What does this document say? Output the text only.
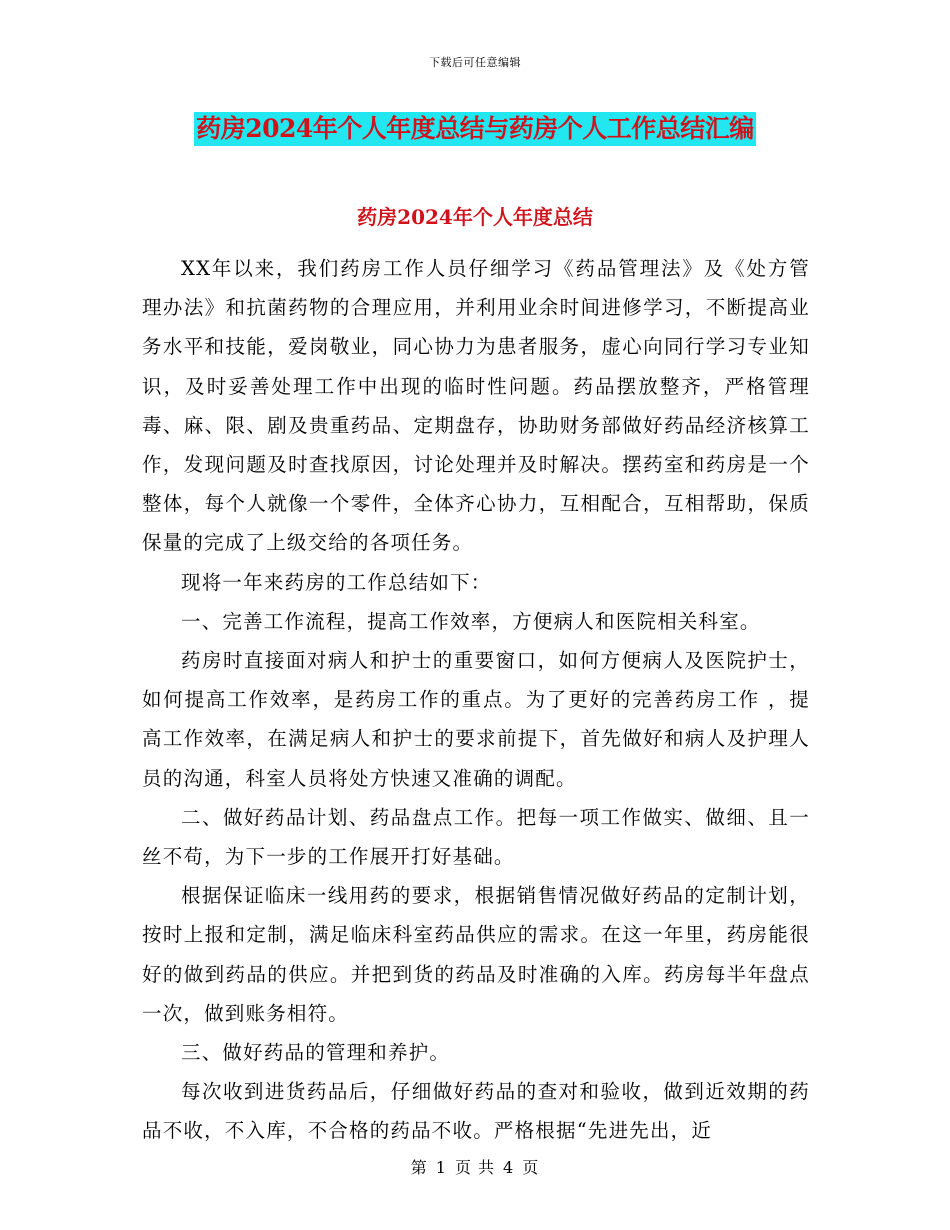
下载后可任意编辑
药房2024年个人年度总结与药房个人工作总结汇编
药房2024年个人年度总结

XX年以来，我们药房工作人员仔细学习《药品管理法》及《处方管理办法》和抗菌药物的合理应用，并利用业余时间进修学习，不断提高业务水平和技能，爱岗敬业，同心协力为患者服务，虚心向同行学习专业知识，及时妥善处理工作中出现的临时性问题。药品摆放整齐，严格管理毒、麻、限、剧及贵重药品、定期盘存，协助财务部做好药品经济核算工作，发现问题及时查找原因，讨论处理并及时解决。摆药室和药房是一个整体，每个人就像一个零件，全体齐心协力，互相配合，互相帮助，保质保量的完成了上级交给的各项任务。

现将一年来药房的工作总结如下：

一、完善工作流程，提高工作效率，方便病人和医院相关科室。

药房时直接面对病人和护士的重要窗口，如何方便病人及医院护士，如何提高工作效率，是药房工作的重点。为了更好的完善药房工作 ，提高工作效率，在满足病人和护士的要求前提下，首先做好和病人及护理人员的沟通，科室人员将处方快速又准确的调配。

二、做好药品计划、药品盘点工作。把每一项工作做实、做细、且一丝不苟，为下一步的工作展开打好基础。

根据保证临床一线用药的要求，根据销售情况做好药品的定制计划，按时上报和定制，满足临床科室药品供应的需求。在这一年里，药房能很好的做到药品的供应。并把到货的药品及时准确的入库。药房每半年盘点一次，做到账务相符。

三、做好药品的管理和养护。

每次收到进货药品后，仔细做好药品的查对和验收，做到近效期的药品不收，不入库，不合格的药品不收。严格根据“先进先出，近

第 1 页 共 4 页
